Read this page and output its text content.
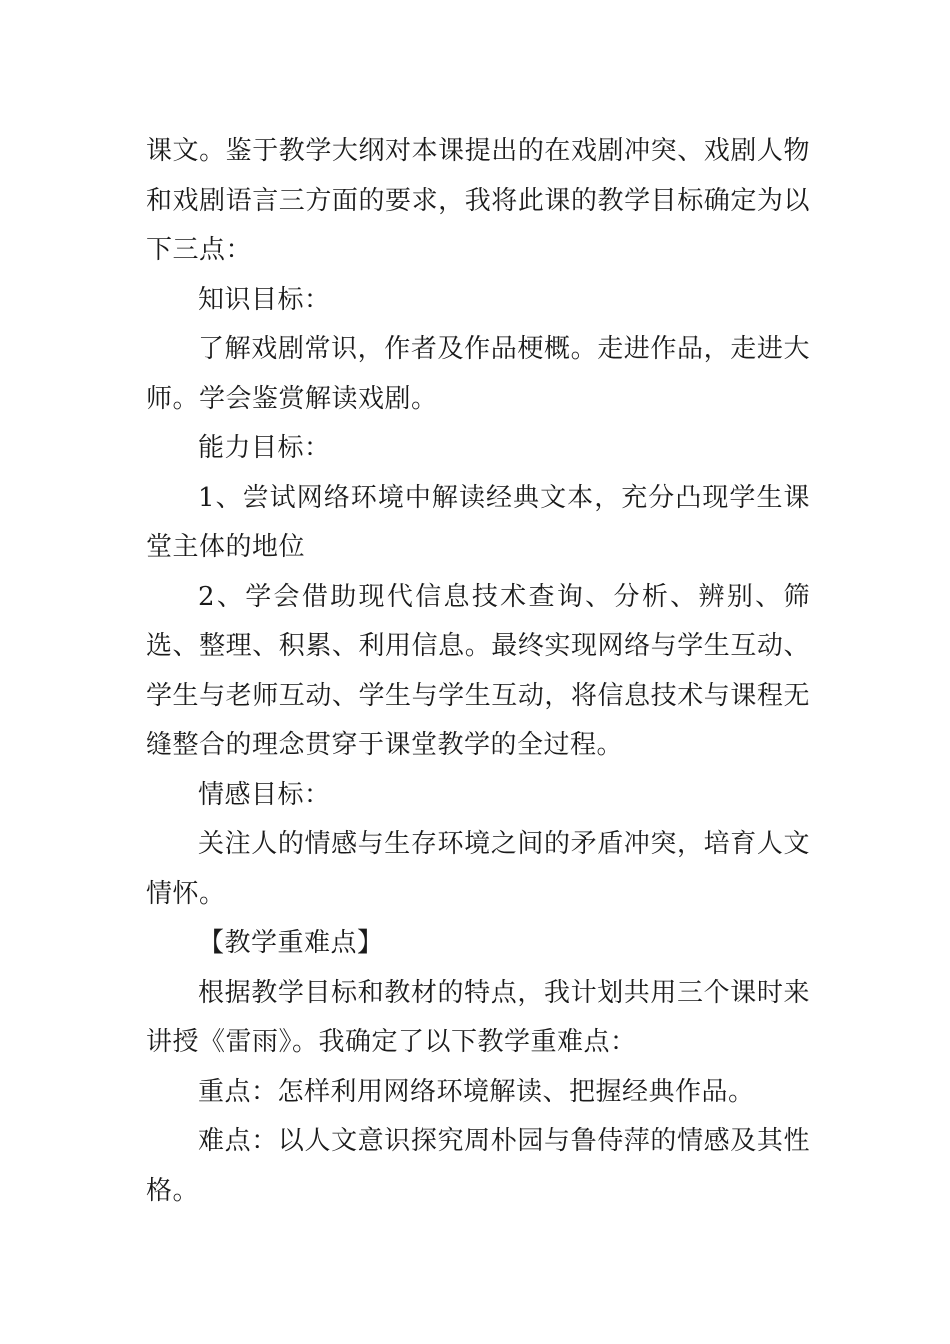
课文。鉴于教学大纲对本课提出的在戏剧冲突、戏剧人物和戏剧语言三方面的要求，我将此课的教学目标确定为以下三点：

知识目标：

了解戏剧常识，作者及作品梗概。走进作品，走进大师。学会鉴赏解读戏剧。

能力目标：

1、尝试网络环境中解读经典文本，充分凸现学生课堂主体的地位

2、学会借助现代信息技术查询、分析、辨别、筛选、整理、积累、利用信息。最终实现网络与学生互动、学生与老师互动、学生与学生互动，将信息技术与课程无缝整合的理念贯穿于课堂教学的全过程。

情感目标：

关注人的情感与生存环境之间的矛盾冲突，培育人文情怀。

【教学重难点】

根据教学目标和教材的特点，我计划共用三个课时来讲授《雷雨》。我确定了以下教学重难点：

重点：怎样利用网络环境解读、把握经典作品。

难点：以人文意识探究周朴园与鲁侍萍的情感及其性格。
